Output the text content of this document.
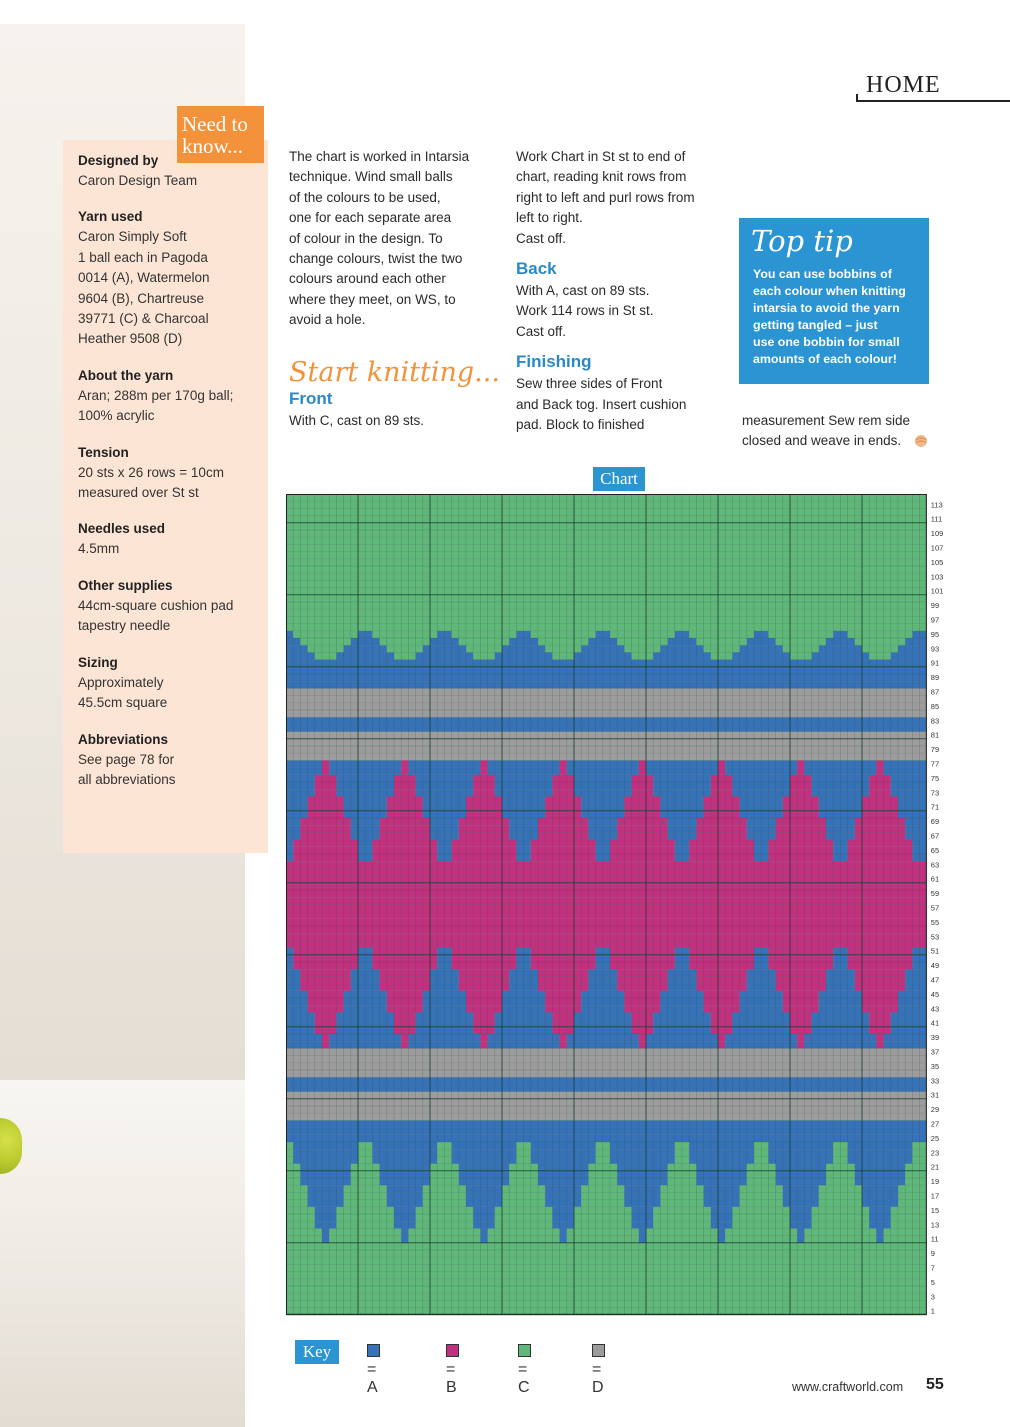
HOME
Need to
know...
Designed by
Caron Design Team
Yarn used
Caron Simply Soft
1 ball each in Pagoda
0014 (A), Watermelon
9604 (B), Chartreuse
39771 (C) & Charcoal
Heather 9508 (D)
About the yarn
Aran; 288m per 170g ball;
100% acrylic
Tension
20 sts x 26 rows = 10cm
measured over St st
Needles used
4.5mm
Other supplies
44cm-square cushion pad
tapestry needle
Sizing
Approximately
45.5cm square
Abbreviations
See page 78 for
all abbreviations

The chart is worked in Intarsia
technique. Wind small balls
of the colours to be used,
one for each separate area
of colour in the design. To
change colours, twist the two
colours around each other
where they meet, on WS, to
avoid a hole.

Start knitting...
Front

With C, cast on 89 sts.

Work Chart in St st to end of
chart, reading knit rows from
right to left and purl rows from
left to right.
Cast off.

Back

With A, cast on 89 sts.
Work 114 rows in St st.
Cast off.

Finishing

Sew three sides of Front
and Back tog. Insert cushion
pad. Block to finished	measurement Sew rem side
closed and weave in ends.

Top tip
You can use bobbins of
each colour when knitting
intarsia to avoid the yarn
getting tangled – just
use one bobbin for small
amounts of each colour!
Chart
1
3
5
7
9
11
13
15
17
19
21
23
25
27
29
31
33
35
37
39
41
43
45
47
49
51
53
55
57
59
61
63
65
67
69
71
73
75
77
79
81
83
85
87
89
91
93
95
97
99
101
103
105
107
109
111
113
Key
= A
= B
= C
= D	www.craftworld.com 55
